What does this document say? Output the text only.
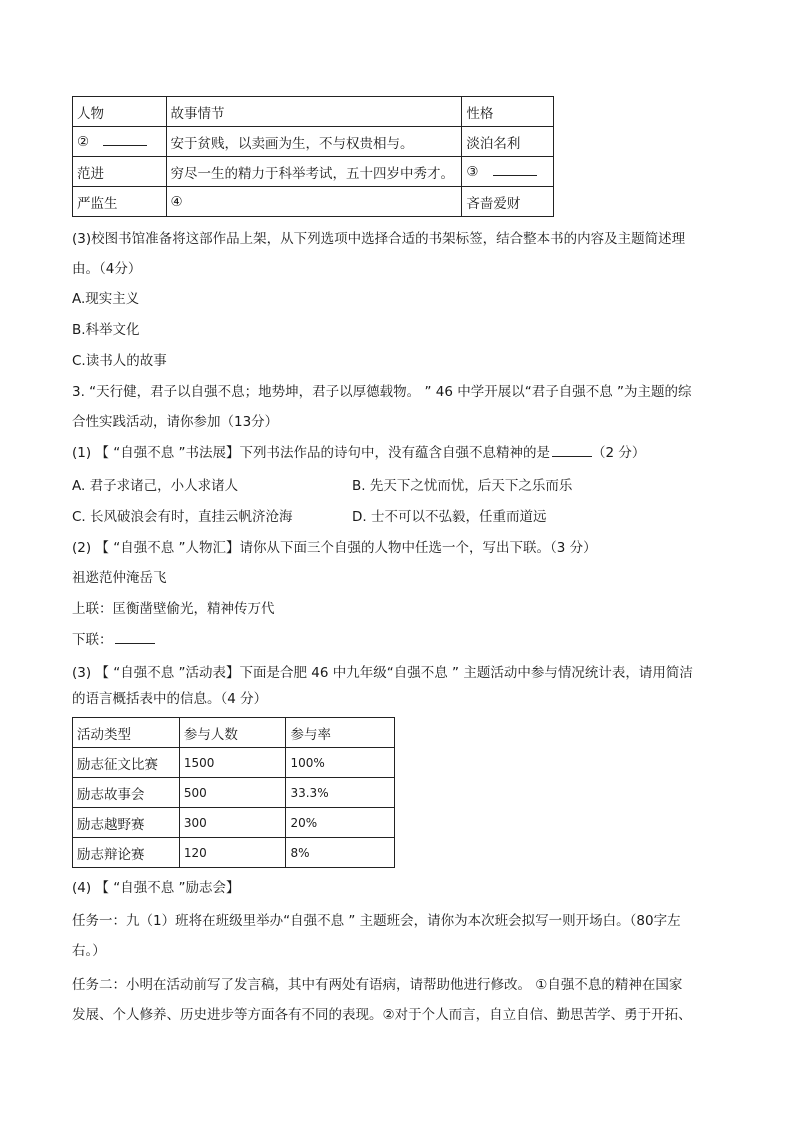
人物	故事情节	性格
②	安于贫贱，以卖画为生，不与权贵相与。	淡泊名利
范进	穷尽一生的精力于科举考试，五十四岁中秀才。	③
严监生	④	吝啬爱财
(3)校图书馆准备将这部作品上架，从下列选项中选择合适的书架标签，结合整本书的内容及主题简述理
由。（4分）
A.现实主义
B.科举文化
C.读书人的故事
3. “天行健，君子以自强不息；地势坤，君子以厚德载物。 ” 46 中学开展以“君子自强不息 ”为主题的综
合性实践活动，请你参加（13分）
(1) 【 “自强不息 ”书法展】下列书法作品的诗句中，没有蕴含自强不息精神的是	（2 分）
A. 君子求诸己，小人求诸人	B. 先天下之忧而忧，后天下之乐而乐
C. 长风破浪会有时，直挂云帆济沧海	D. 士不可以不弘毅，任重而道远
(2) 【 “自强不息 ”人物汇】请你从下面三个自强的人物中任选一个，写出下联。（3 分）
祖逖范仲淹岳飞
上联：匡衡凿壁偷光，精神传万代
下联：
(3) 【 “自强不息 ”活动表】下面是合肥 46 中九年级“自强不息 ” 主题活动中参与情况统计表，请用简洁
的语言概括表中的信息。（4 分）
活动类型	参与人数	参与率
励志征文比赛	1500	100%
励志故事会	500	33.3%
励志越野赛	300	20%
励志辩论赛	120	8%
(4) 【 “自强不息 ”励志会】
任务一：九（1）班将在班级里举办“自强不息 ” 主题班会，请你为本次班会拟写一则开场白。（80字左
右。）
任务二：小明在活动前写了发言稿，其中有两处有语病，请帮助他进行修改。 ①自强不息的精神在国家
发展、个人修养、历史进步等方面各有不同的表现。②对于个人而言，自立自信、勤思苦学、勇于开拓、
